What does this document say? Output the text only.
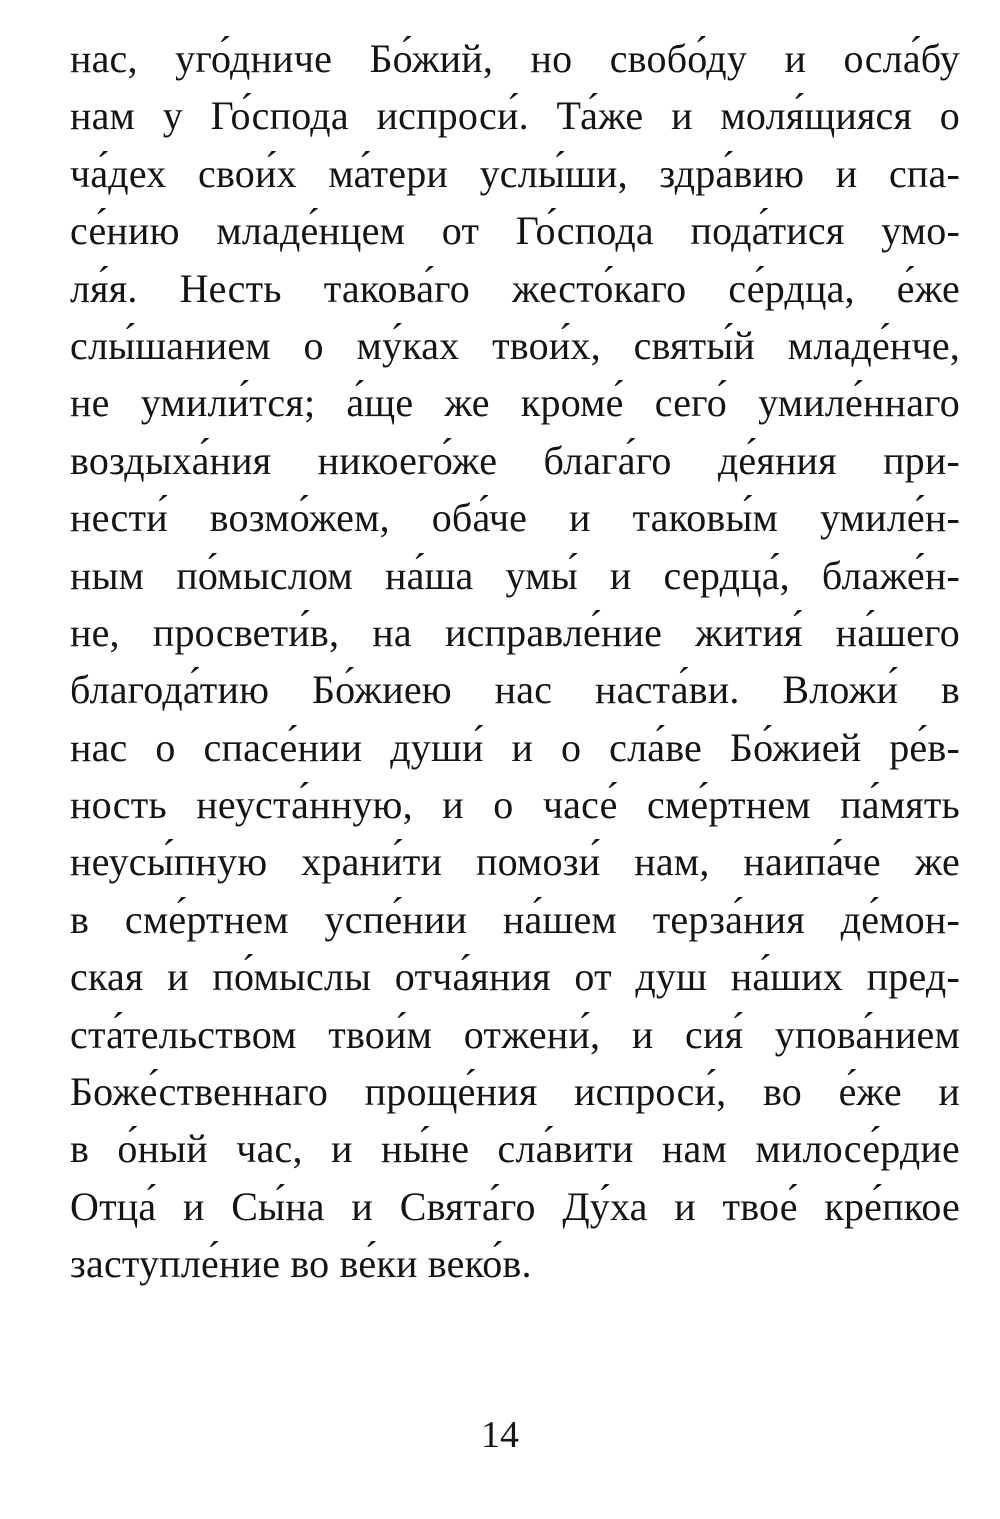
нас, уго́дниче Бо́жий, но свобо́ду и осла́бу
нам у Го́спода испроси́. Та́же и моля́щияся о
ча́дех свои́х ма́тери услы́ши, здра́вию и спа-
се́нию младе́нцем от Го́спода пода́тися умо-
ля́я. Несть такова́го жесто́каго се́рдца, е́же
слы́шанием о му́ках твои́х, святы́й младе́нче,
не умили́тся; а́ще же кроме́ сего́ умиле́ннаго
воздыха́ния никоего́же блага́го де́яния при-
нести́ возмо́жем, оба́че и таковы́м умиле́н-
ным по́мыслом на́ша умы́ и сердца́, блаже́н-
не, просвети́в, на исправле́ние жития́ на́шего
благода́тию Бо́жиею нас наста́ви. Вложи́ в
нас о спасе́нии души́ и о сла́ве Бо́жией ре́в-
ность неуста́нную, и о часе́ сме́ртнем па́мять
неусы́пную храни́ти помози́ нам, наипа́че же
в сме́ртнем успе́нии на́шем терза́ния де́мон-
ская и по́мыслы отча́яния от душ на́ших пред-
ста́тельством твои́м отжени́, и сия́ упова́нием
Боже́ственнаго проще́ния испроси́, во е́же и
в о́ный час, и ны́не сла́вити нам милосе́рдие
Отца́ и Сы́на и Свята́го Ду́ха и твое́ кре́пкое
заступле́ние во ве́ки веко́в.
14
